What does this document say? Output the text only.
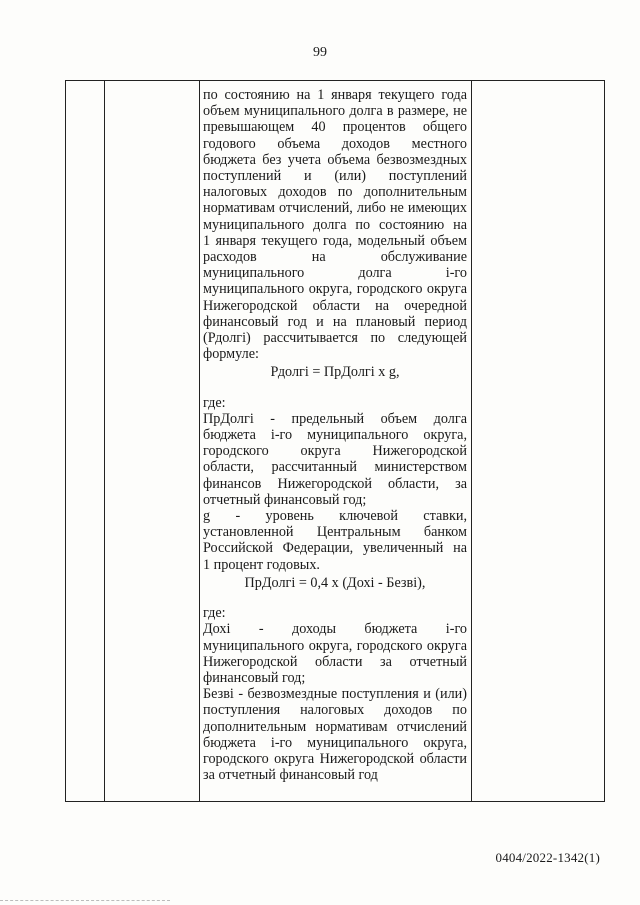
99

по состоянию на 1 января текущего года

объем муниципального долга в размере, не

превышающем 40 процентов общего

годового объема доходов местного

бюджета без учета объема безвозмездных

поступлений и (или) поступлений

налоговых доходов по дополнительным

нормативам отчислений, либо не имеющих

муниципального долга по состоянию на

1 января текущего года, модельный объем

расходов на обслуживание

муниципального долга i-го

муниципального округа, городского округа

Нижегородской области на очередной

финансовый год и на плановый период

(Рдолгi) рассчитывается по следующей

формуле:

Рдолгi = ПрДолгi x g,

где:

ПрДолгi - предельный объем долга

бюджета i-го муниципального округа,

городского округа Нижегородской

области, рассчитанный министерством

финансов Нижегородской области, за

отчетный финансовый год;

g - уровень ключевой ставки,

установленной Центральным банком

Российской Федерации, увеличенный на

1 процент годовых.

ПрДолгi = 0,4 x (Дохi - Безвi),

где:

Дохi - доходы бюджета i-го

муниципального округа, городского округа

Нижегородской области за отчетный

финансовый год;

Безвi - безвозмездные поступления и (или)

поступления налоговых доходов по

дополнительным нормативам отчислений

бюджета i-го муниципального округа,

городского округа Нижегородской области

за отчетный финансовый год

0404/2022-1342(1)
